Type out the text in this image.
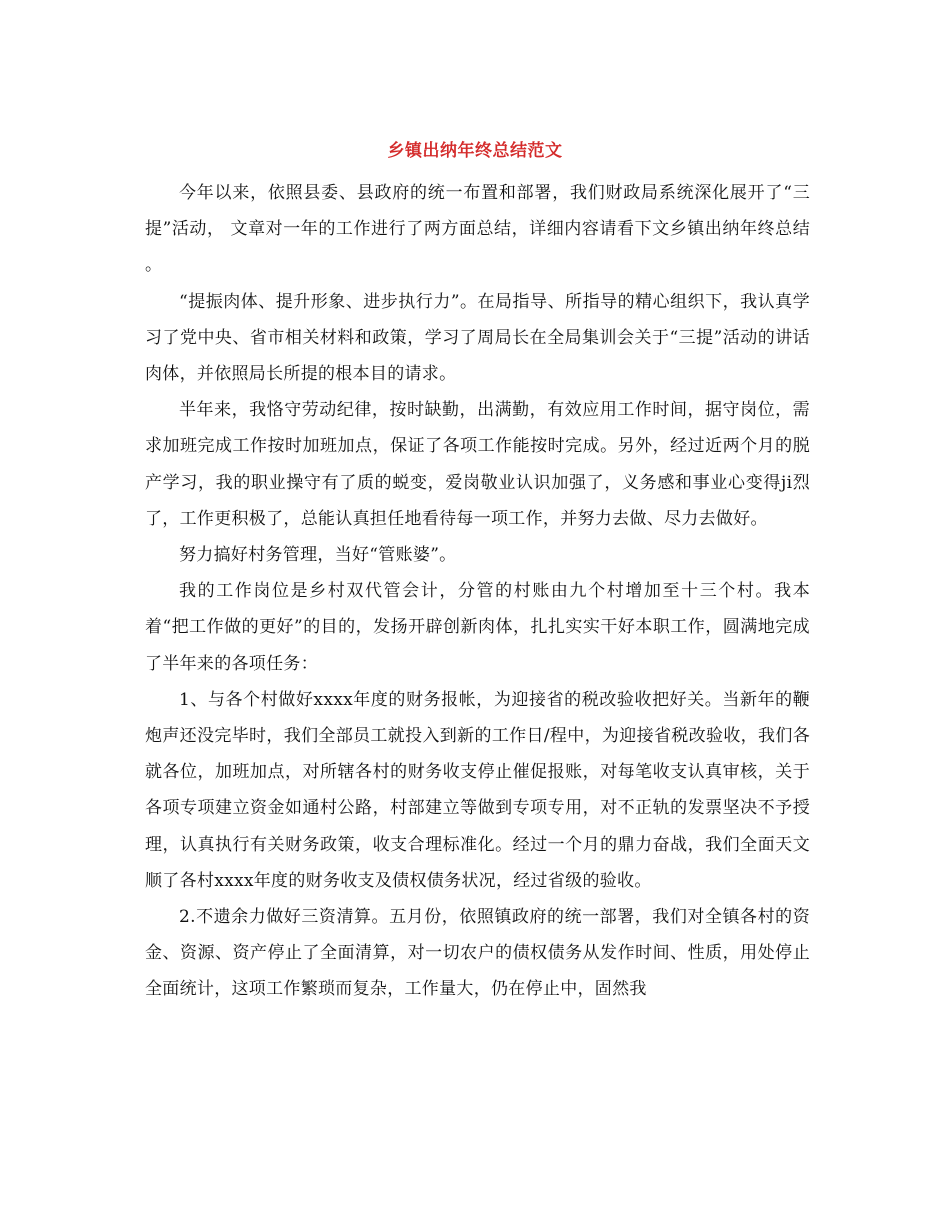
乡镇出纳年终总结范文

今年以来，依照县委、县政府的统一布置和部署，我们财政局系统深化展开了“三提”活动， 文章对一年的工作进行了两方面总结，详细内容请看下文乡镇出纳年终总结 。

“提振肉体、提升形象、进步执行力”。在局指导、所指导的精心组织下，我认真学习了党中央、省市相关材料和政策，学习了周局长在全局集训会关于“三提”活动的讲话肉体，并依照局长所提的根本目的请求。

半年来，我恪守劳动纪律，按时缺勤，出满勤，有效应用工作时间，据守岗位，需求加班完成工作按时加班加点，保证了各项工作能按时完成。另外，经过近两个月的脱产学习，我的职业操守有了质的蜕变，爱岗敬业认识加强了，义务感和事业心变得ji烈了，工作更积极了，总能认真担任地看待每一项工作，并努力去做、尽力去做好。

努力搞好村务管理，当好“管账婆”。

我的工作岗位是乡村双代管会计，分管的村账由九个村增加至十三个村。我本着“把工作做的更好”的目的，发扬开辟创新肉体，扎扎实实干好本职工作，圆满地完成了半年来的各项任务：

1、与各个村做好xxxx年度的财务报帐，为迎接省的税改验收把好关。当新年的鞭炮声还没完毕时，我们全部员工就投入到新的工作日/程中，为迎接省税改验收，我们各就各位，加班加点，对所辖各村的财务收支停止催促报账，对每笔收支认真审核，关于各项专项建立资金如通村公路，村部建立等做到专项专用，对不正轨的发票坚决不予授理，认真执行有关财务政策，收支合理标准化。经过一个月的鼎力奋战，我们全面天文顺了各村xxxx年度的财务收支及债权债务状况，经过省级的验收。

2.不遗余力做好三资清算。五月份，依照镇政府的统一部署，我们对全镇各村的资金、资源、资产停止了全面清算，对一切农户的债权债务从发作时间、性质，用处停止全面统计，这项工作繁琐而复杂，工作量大，仍在停止中，固然我
